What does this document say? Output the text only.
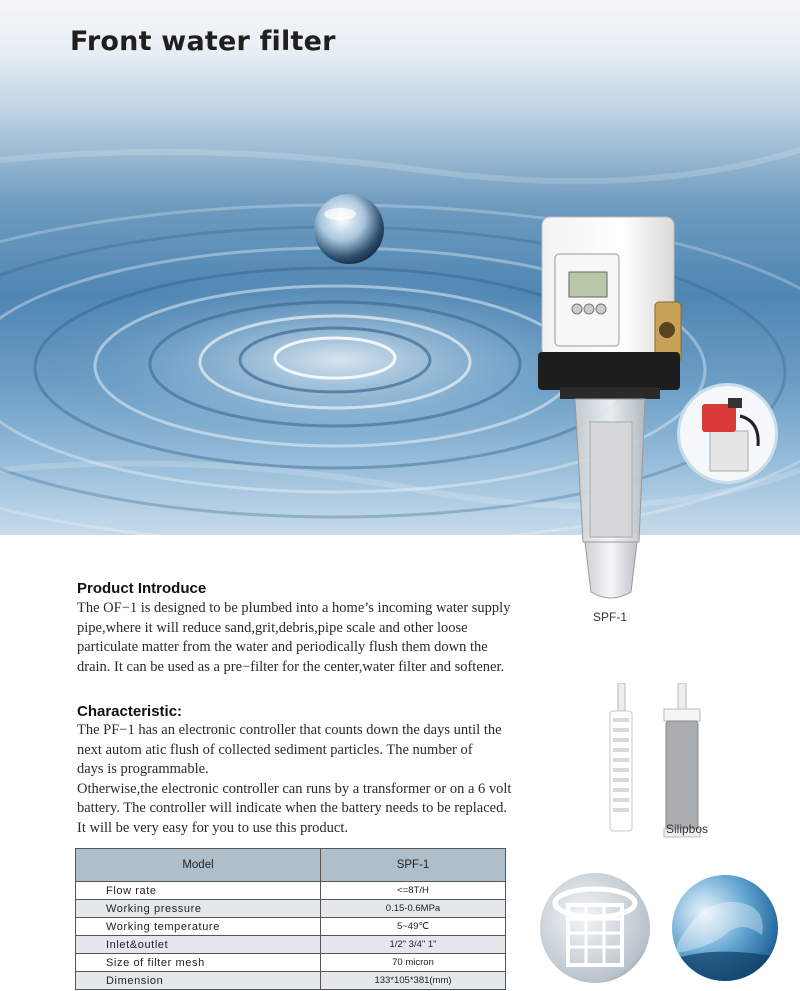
Front water filter
SPF-1
Product Introduce

The OF−1 is designed to be plumbed into a home’s incoming water supply
pipe,where it will reduce sand,grit,debris,pipe scale and other loose
particulate matter from the water and periodically flush them down the
drain. It can be used as a pre−filter for the center,water filter and softener.

Characteristic:

The PF−1 has an electronic controller that counts down the days until the
next autom atic flush of collected sediment particles. The number of
days is programmable.
Otherwise,the electronic controller can runs by a transformer or on a 6 volt
battery. The controller will indicate when the battery needs to be replaced.
It will be very easy for you to use this product.	Silipbos
Model	SPF-1
Flow rate	<=8T/H
Working pressure	0.15-0.6MPa
Working temperature	5~49℃
Inlet&outlet	1/2" 3/4" 1"
Size of filter mesh	70 micron
Dimension	133*105*381(mm)
